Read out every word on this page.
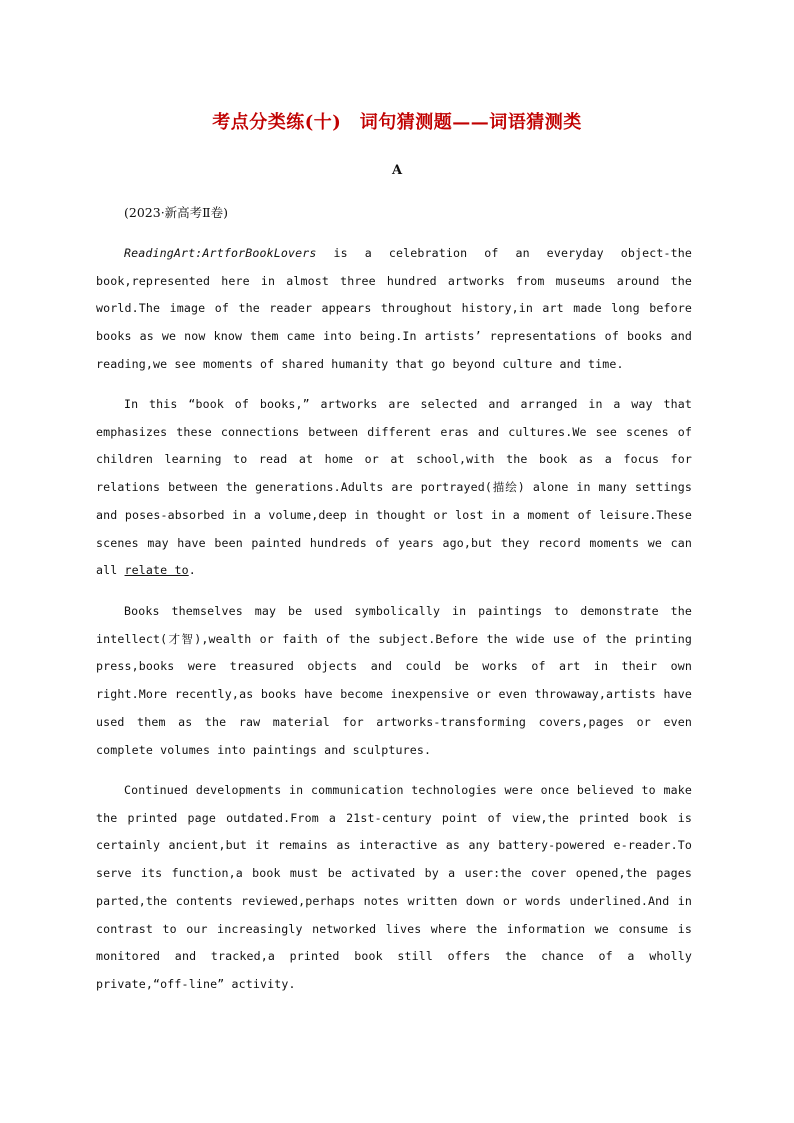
考点分类练(十)　词句猜测题——词语猜测类
A
(2023·新高考Ⅱ卷)

ReadingArt:ArtforBookLovers is a celebration of an everyday object-the book,represented here in almost three hundred artworks from museums around the world.The image of the reader appears throughout history,in art made long before books as we now know them came into being.In artists’ representations of books and reading,we see moments of shared humanity that go beyond culture and time.

In this “book of books,” artworks are selected and arranged in a way that emphasizes these connections between different eras and cultures.We see scenes of children learning to read at home or at school,with the book as a focus for relations between the generations.Adults are portrayed(描绘) alone in many settings and poses-absorbed in a volume,deep in thought or lost in a moment of leisure.These scenes may have been painted hundreds of years ago,but they record moments we can all relate to.

Books themselves may be used symbolically in paintings to demonstrate the intellect(才智),wealth or faith of the subject.Before the wide use of the printing press,books were treasured objects and could be works of art in their own right.More recently,as books have become inexpensive or even throwaway,artists have used them as the raw material for artworks-transforming covers,pages or even complete volumes into paintings and sculptures.

Continued developments in communication technologies were once believed to make the printed page outdated.From a 21st-century point of view,the printed book is certainly ancient,but it remains as interactive as any battery-powered e-reader.To serve its function,a book must be activated by a user:the cover opened,the pages parted,the contents reviewed,perhaps notes written down or words underlined.And in contrast to our increasingly networked lives where the information we consume is monitored and tracked,a printed book still offers the chance of a wholly private,“off-line” activity.
